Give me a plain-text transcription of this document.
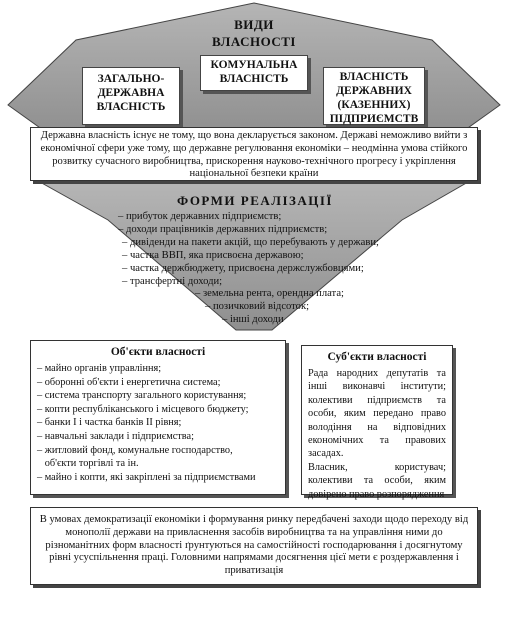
ВИДИ ВЛАСНОСТІ
ЗАГАЛЬНО-ДЕРЖАВНА ВЛАСНІСТЬ
КОМУНАЛЬНА ВЛАСНІСТЬ	ВЛАСНІСТЬ ДЕРЖАВНИХ (КАЗЕННИХ) ПІДПРИЄМСТВ
Державна власність існує не тому, що вона декларується законом. Державі неможливо вийти з економічної сфери уже тому, що державне регулювання економіки – неодмінна умова стійкого розвитку сучасного виробництва, прискорення науково-технічного прогресу і укріплення національної безпеки країни
ФОРМИ РЕАЛІЗАЦІЇ
– прибуток державних підприємств;
– доходи працівників державних підприємств;
– дивіденди на пакети акцій, що перебувають у держави;
– частка ВВП, яка присвоєна державою;
– частка держбюджету, присвоєна держслужбовцями;
– трансфертні доходи;
– земельна рента, орендна плата;
– позичковий відсоток;
– інші доходи
Об'єкти власності
– майно органів управління;
– оборонні об'єкти і енергетична система;
– система транспорту загального користування;
– копти республіканського і місцевого бюджету;
– банки І і частка банків ІІ рівня;
– навчальні заклади і підприємства;
– житловий фонд, комунальне господарство,
об'єкти торгівлі та ін.
– майно і копти, які закріплені за підприємствами
Суб'єкти власності

Рада народних депутатів та інші виконавчі інститути; колективи підприємств та особи, яким передано право володіння на відповідних економічних та правових засадах.

Власник, користувач; колективи та особи, яким довірено право розпорядження

В умовах демократизації економіки і формування ринку передбачені заходи щодо переходу від монополії держави на привласнення засобів виробництва та на управління ними до різноманітних форм власності ґрунтуються на самостійності господарювання і досягнутому рівні усуспільнення праці. Головними напрямами досягнення цієї мети є роздержавлення і приватизація
